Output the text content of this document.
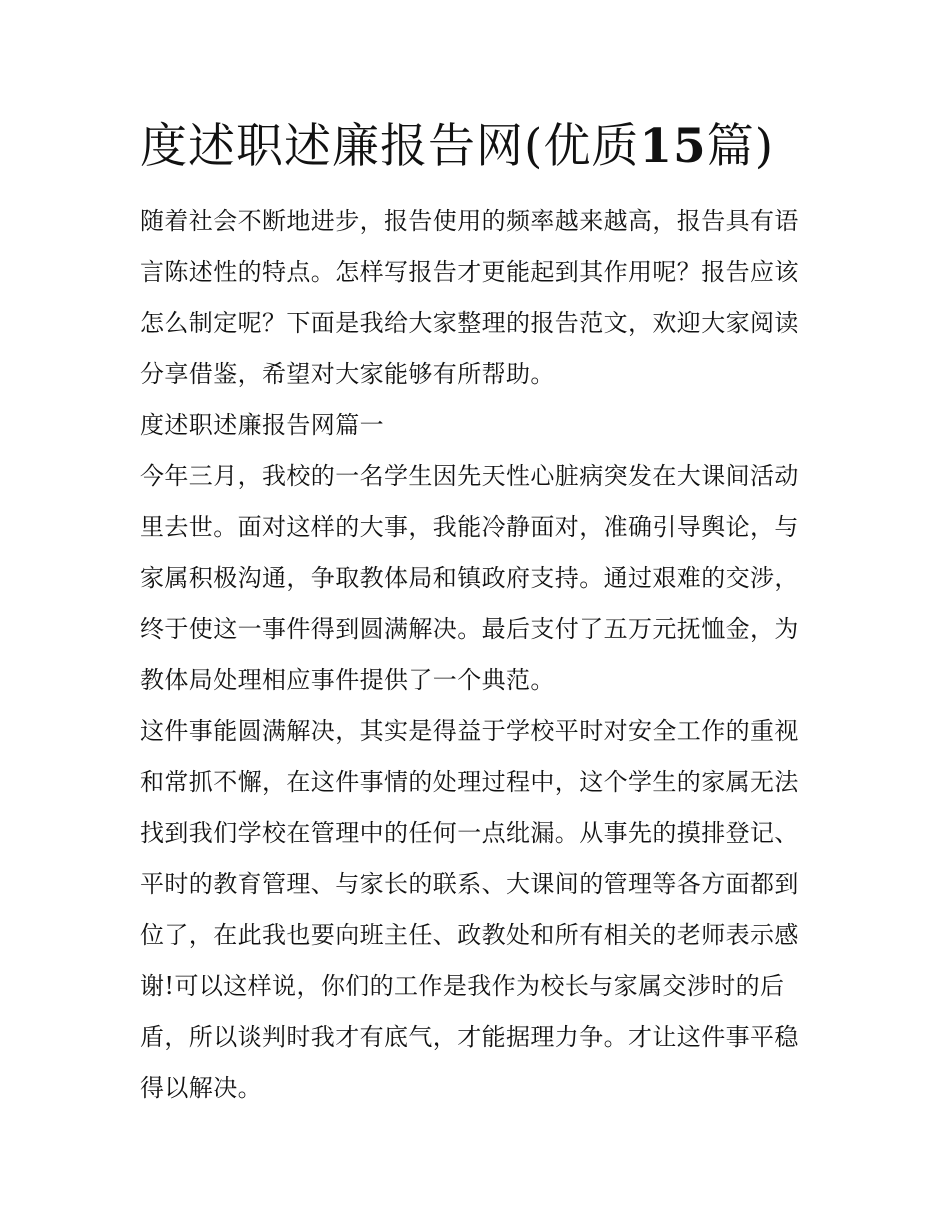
度述职述廉报告网(优质15篇)

随着社会不断地进步，报告使用的频率越来越高，报告具有语
言陈述性的特点。怎样写报告才更能起到其作用呢？报告应该
怎么制定呢？下面是我给大家整理的报告范文，欢迎大家阅读
分享借鉴，希望对大家能够有所帮助。

度述职述廉报告网篇一

今年三月，我校的一名学生因先天性心脏病突发在大课间活动
里去世。面对这样的大事，我能冷静面对，准确引导舆论，与
家属积极沟通，争取教体局和镇政府支持。通过艰难的交涉，
终于使这一事件得到圆满解决。最后支付了五万元抚恤金，为
教体局处理相应事件提供了一个典范。

这件事能圆满解决，其实是得益于学校平时对安全工作的重视
和常抓不懈，在这件事情的处理过程中，这个学生的家属无法
找到我们学校在管理中的任何一点纰漏。从事先的摸排登记、
平时的教育管理、与家长的联系、大课间的管理等各方面都到
位了，在此我也要向班主任、政教处和所有相关的老师表示感
谢!可以这样说，你们的工作是我作为校长与家属交涉时的后
盾，所以谈判时我才有底气，才能据理力争。才让这件事平稳
得以解决。
